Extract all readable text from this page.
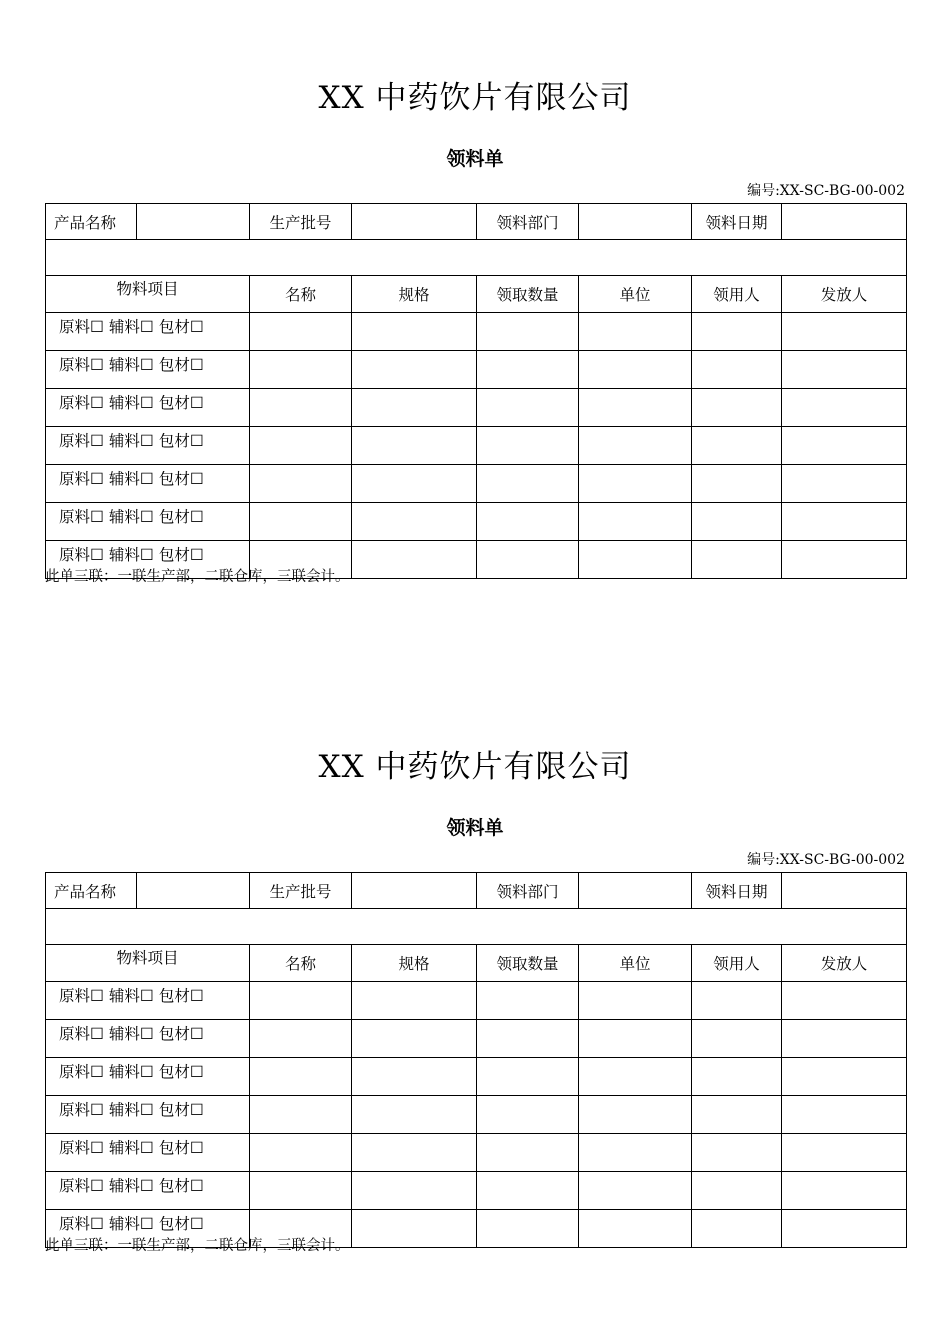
XX 中药饮片有限公司
领料单
编号:XX-SC-BG-00-002
产品名称		生产批号		领料部门		领料日期	

物料项目		名称	规格	领取数量	单位	领用人	发放人
原料☐ 辅料☐ 包材☐							
原料☐ 辅料☐ 包材☐							
原料☐ 辅料☐ 包材☐							
原料☐ 辅料☐ 包材☐							
原料☐ 辅料☐ 包材☐							
原料☐ 辅料☐ 包材☐							
原料☐ 辅料☐ 包材☐							
此单三联：一联生产部，二联仓库，三联会计。
XX 中药饮片有限公司
领料单
编号:XX-SC-BG-00-002
产品名称		生产批号		领料部门		领料日期	

物料项目		名称	规格	领取数量	单位	领用人	发放人
原料☐ 辅料☐ 包材☐							
原料☐ 辅料☐ 包材☐							
原料☐ 辅料☐ 包材☐							
原料☐ 辅料☐ 包材☐							
原料☐ 辅料☐ 包材☐							
原料☐ 辅料☐ 包材☐							
原料☐ 辅料☐ 包材☐							
此单三联：一联生产部，二联仓库，三联会计。
